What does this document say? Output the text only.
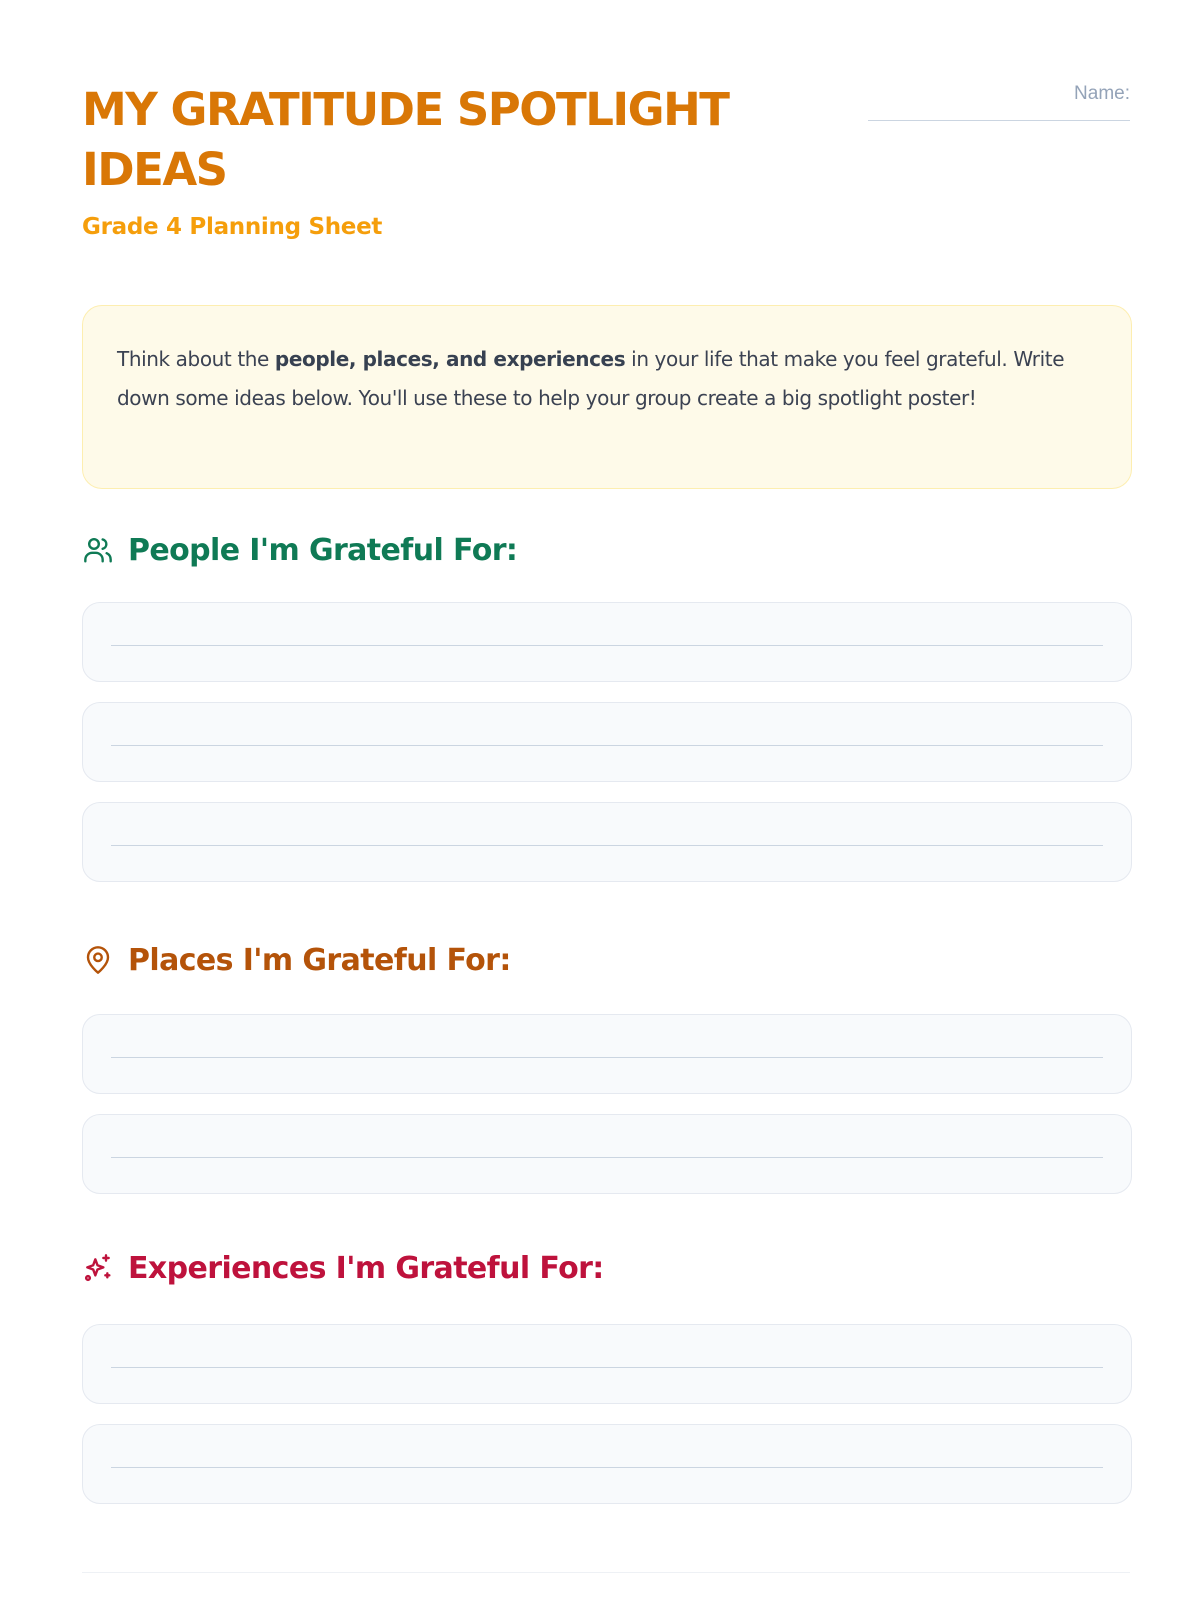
MY GRATITUDE SPOTLIGHT IDEAS
Grade 4 Planning Sheet
Name:
Think about the people, places, and experiences in your life that make you feel grateful. Write down some ideas below. You'll use these to help your group create a big spotlight poster!
People I'm Grateful For:
Places I'm Grateful For:
Experiences I'm Grateful For:
